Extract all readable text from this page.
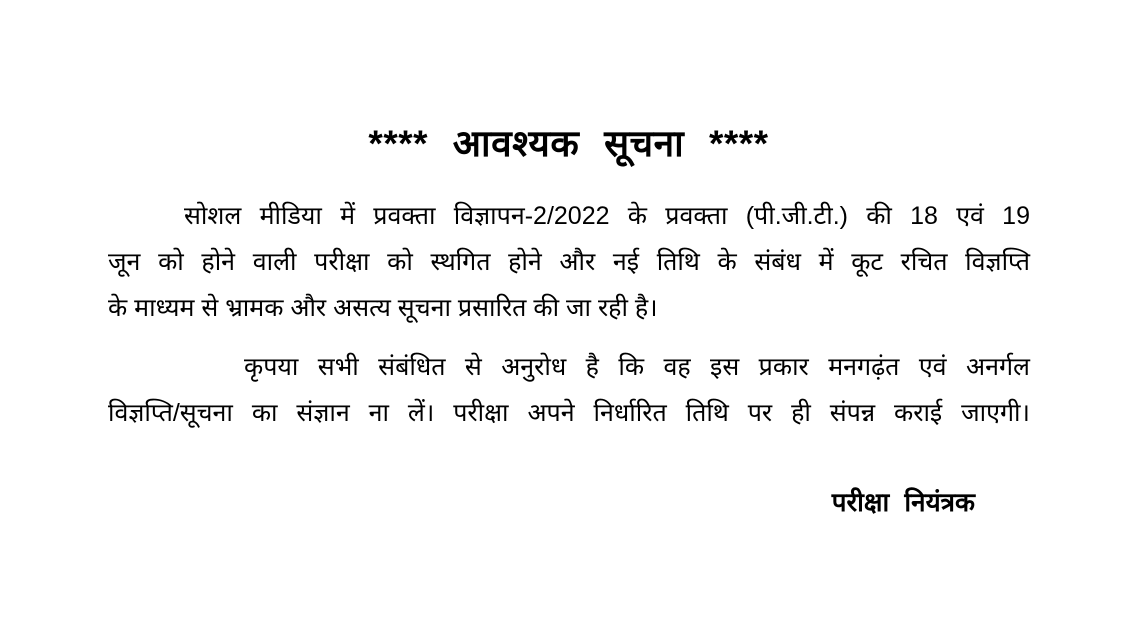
**** आवश्यक सूचना ****
सोशल मीडिया में प्रवक्ता विज्ञापन-2/2022 के प्रवक्ता (पी.जी.टी.) की 18 एवं 19
जून को होने वाली परीक्षा को स्थगित होने और नई तिथि के संबंध में कूट रचित विज्ञप्ति
के माध्यम से भ्रामक और असत्य सूचना प्रसारित की जा रही है।
कृपया सभी संबंधित से अनुरोध है कि वह इस प्रकार मनगढ़ंत एवं अनर्गल
विज्ञप्ति/सूचना का संज्ञान ना लें। परीक्षा अपने निर्धारित तिथि पर ही संपन्न कराई जाएगी।
परीक्षा नियंत्रक
